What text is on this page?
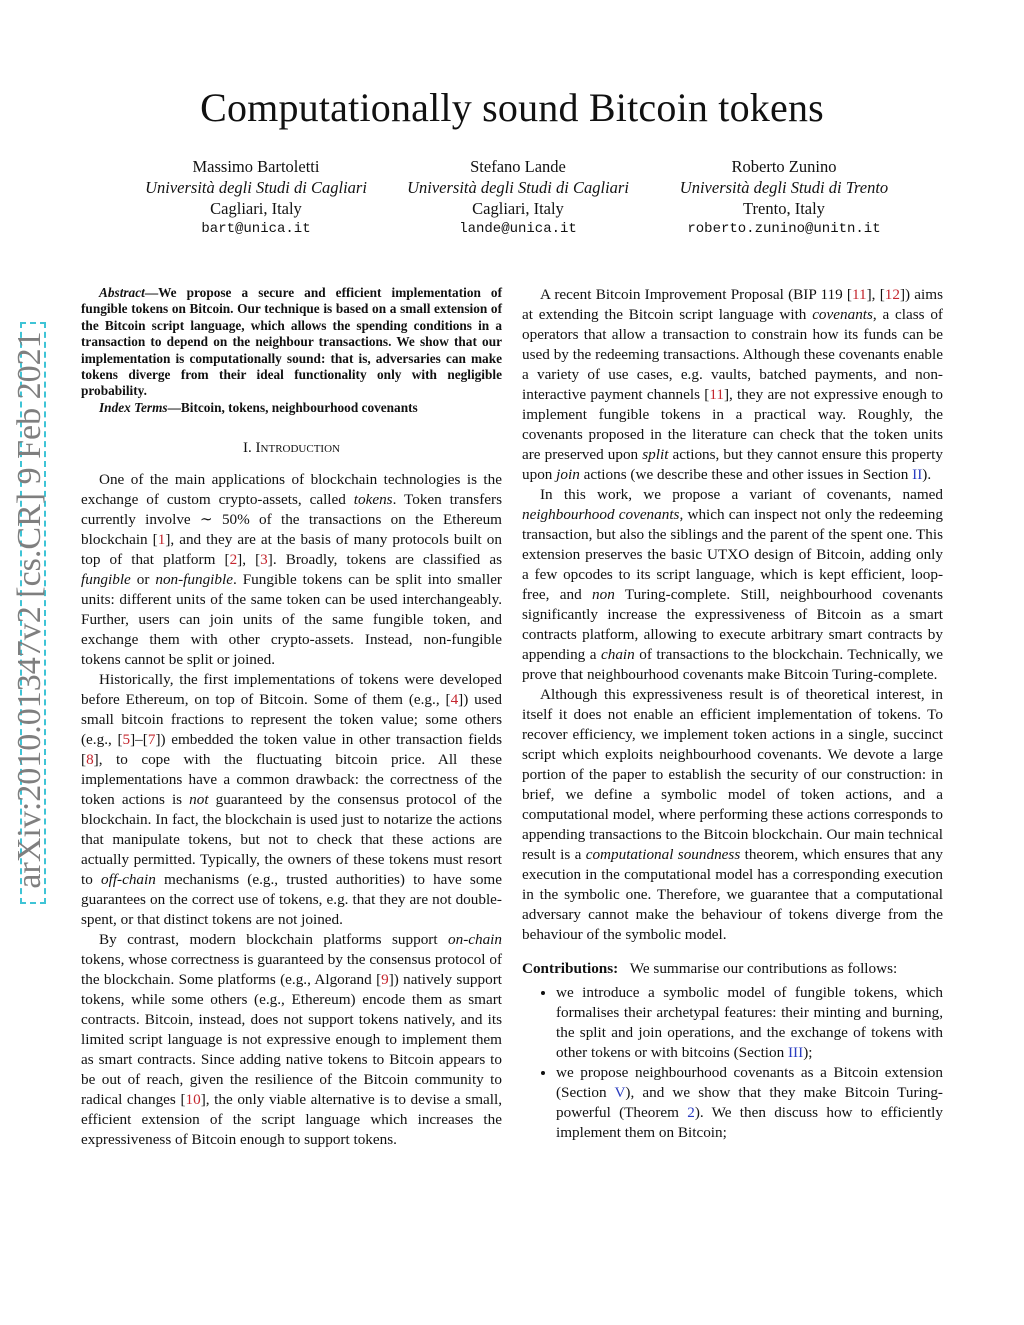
arXiv:2010.01347v2 [cs.CR] 9 Feb 2021
Computationally sound Bitcoin tokens
Massimo Bartoletti
Università degli Studi di Cagliari
Cagliari, Italy
bart@unica.it
Stefano Lande
Università degli Studi di Cagliari
Cagliari, Italy
lande@unica.it
Roberto Zunino
Università degli Studi di Trento
Trento, Italy
roberto.zunino@unitn.it

Abstract—We propose a secure and efficient implementation of fungible tokens on Bitcoin. Our technique is based on a small extension of the Bitcoin script language, which allows the spending conditions in a transaction to depend on the neighbour transactions. We show that our implementation is computationally sound: that is, adversaries can make tokens diverge from their ideal functionality only with negligible probability.

Index Terms—Bitcoin, tokens, neighbourhood covenants

I. Introduction

One of the main applications of blockchain technologies is the exchange of custom crypto-assets, called tokens. Token transfers currently involve ∼ 50% of the transactions on the Ethereum blockchain [1], and they are at the basis of many protocols built on top of that platform [2], [3]. Broadly, tokens are classified as fungible or non-fungible. Fungible tokens can be split into smaller units: different units of the same token can be used interchangeably. Further, users can join units of the same fungible token, and exchange them with other crypto-assets. Instead, non-fungible tokens cannot be split or joined.

Historically, the first implementations of tokens were developed before Ethereum, on top of Bitcoin. Some of them (e.g., [4]) used small bitcoin fractions to represent the token value; some others (e.g., [5]–[7]) embedded the token value in other transaction fields [8], to cope with the fluctuating bitcoin price. All these implementations have a common drawback: the correctness of the token actions is not guaranteed by the consensus protocol of the blockchain. In fact, the blockchain is used just to notarize the actions that manipulate tokens, but not to check that these actions are actually permitted. Typically, the owners of these tokens must resort to off-chain mechanisms (e.g., trusted authorities) to have some guarantees on the correct use of tokens, e.g. that they are not double-spent, or that distinct tokens are not joined.

By contrast, modern blockchain platforms support on-chain tokens, whose correctness is guaranteed by the consensus protocol of the blockchain. Some platforms (e.g., Algorand [9]) natively support tokens, while some others (e.g., Ethereum) encode them as smart contracts. Bitcoin, instead, does not support tokens natively, and its limited script language is not expressive enough to implement them as smart contracts. Since adding native tokens to Bitcoin appears to be out of reach, given the resilience of the Bitcoin community to radical changes [10], the only viable alternative is to devise a small, efficient extension of the script language which increases the expressiveness of Bitcoin enough to support tokens.

A recent Bitcoin Improvement Proposal (BIP 119 [11], [12]) aims at extending the Bitcoin script language with covenants, a class of operators that allow a transaction to constrain how its funds can be used by the redeeming transactions. Although these covenants enable a variety of use cases, e.g. vaults, batched payments, and non-interactive payment channels [11], they are not expressive enough to implement fungible tokens in a practical way. Roughly, the covenants proposed in the literature can check that the token units are preserved upon split actions, but they cannot ensure this property upon join actions (we describe these and other issues in Section II).

In this work, we propose a variant of covenants, named neighbourhood covenants, which can inspect not only the redeeming transaction, but also the siblings and the parent of the spent one. This extension preserves the basic UTXO design of Bitcoin, adding only a few opcodes to its script language, which is kept efficient, loop-free, and non Turing-complete. Still, neighbourhood covenants significantly increase the expressiveness of Bitcoin as a smart contracts platform, allowing to execute arbitrary smart contracts by appending a chain of transactions to the blockchain. Technically, we prove that neighbourhood covenants make Bitcoin Turing-complete.

Although this expressiveness result is of theoretical interest, in itself it does not enable an efficient implementation of tokens. To recover efficiency, we implement token actions in a single, succinct script which exploits neighbourhood covenants. We devote a large portion of the paper to establish the security of our construction: in brief, we define a symbolic model of token actions, and a computational model, where performing these actions corresponds to appending transactions to the Bitcoin blockchain. Our main technical result is a computational soundness theorem, which ensures that any execution in the computational model has a corresponding execution in the symbolic one. Therefore, we guarantee that a computational adversary cannot make the behaviour of tokens diverge from the behaviour of the symbolic model.

Contributions: We summarise our contributions as follows:

• we introduce a symbolic model of fungible tokens, which formalises their archetypal features: their minting and burning, the split and join operations, and the exchange of tokens with other tokens or with bitcoins (Section III);
• we propose neighbourhood covenants as a Bitcoin extension (Section V), and we show that they make Bitcoin Turing-powerful (Theorem 2). We then discuss how to efficiently implement them on Bitcoin;
